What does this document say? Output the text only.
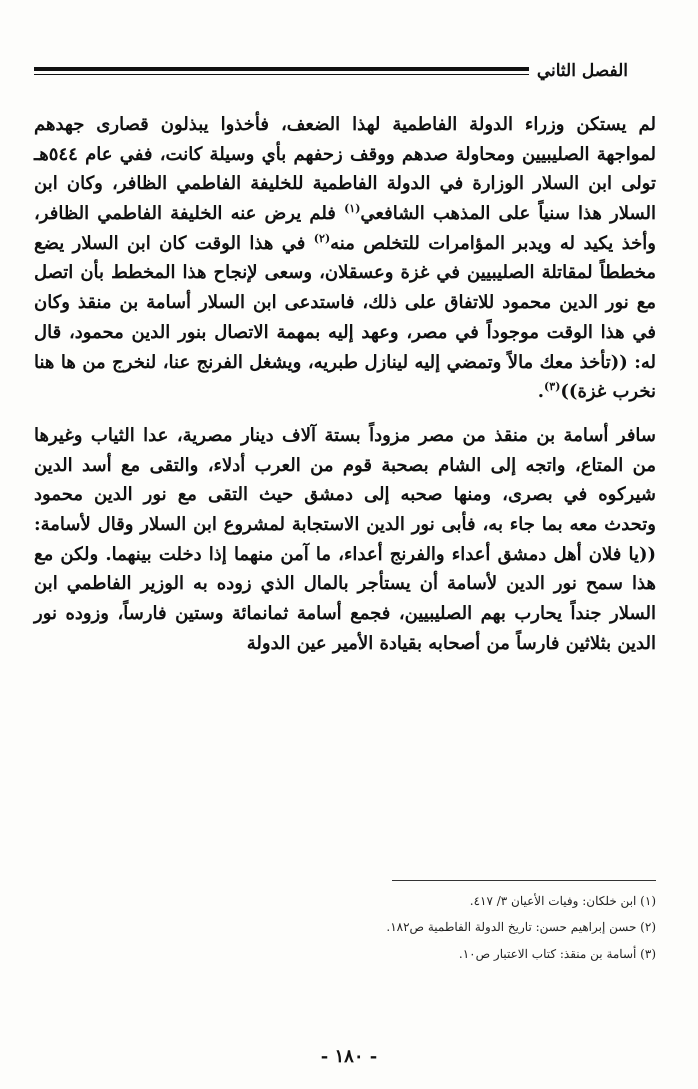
الفصل الثاني

لم يستكن وزراء الدولة الفاطمية لهذا الضعف، فأخذوا يبذلون قصارى جهدهم لمواجهة الصليبيين ومحاولة صدهم ووقف زحفهم بأي وسيلة كانت، ففي عام ٥٤٤هـ تولى ابن السلار الوزارة في الدولة الفاطمية للخليفة الفاطمي الظافر، وكان ابن السلار هذا سنياً على المذهب الشافعي$^{(١)}$ فلم يرض عنه الخليفة الفاطمي الظافر، وأخذ يكيد له ويدبر المؤامرات للتخلص منه$^{(٢)}$ في هذا الوقت كان ابن السلار يضع مخططاً لمقاتلة الصليبيين في غزة وعسقلان، وسعى لإنجاح هذا المخطط بأن اتصل مع نور الدين محمود للاتفاق على ذلك، فاستدعى ابن السلار أسامة بن منقذ وكان في هذا الوقت موجوداً في مصر، وعهد إليه بمهمة الاتصال بنور الدين محمود، قال له: ((تأخذ معك مالاً وتمضي إليه لينازل طبريه، ويشغل الفرنج عنا، لنخرج من ها هنا نخرب غزة))$^{(٣)}$.

سافر أسامة بن منقذ من مصر مزوداً بستة آلاف دينار مصرية، عدا الثياب وغيرها من المتاع، واتجه إلى الشام بصحبة قوم من العرب أدلاء، والتقى مع أسد الدين شيركوه في بصرى، ومنها صحبه إلى دمشق حيث التقى مع نور الدين محمود وتحدث معه بما جاء به، فأبى نور الدين الاستجابة لمشروع ابن السلار وقال لأسامة: ((يا فلان أهل دمشق أعداء والفرنج أعداء، ما آمن منهما إذا دخلت بينهما. ولكن مع هذا سمح نور الدين لأسامة أن يستأجر بالمال الذي زوده به الوزير الفاطمي ابن السلار جنداً يحارب بهم الصليبيين، فجمع أسامة ثمانمائة وستين فارساً، وزوده نور الدين بثلاثين فارساً من أصحابه بقيادة الأمير عين الدولة

(١) ابن خلكان: وفيات الأعيان ٣/ ٤١٧.
(٢) حسن إبراهيم حسن: تاريخ الدولة الفاطمية ص١٨٢.
(٣) أسامة بن منقذ: كتاب الاعتبار ص١٠.
- ١٨٠ -
